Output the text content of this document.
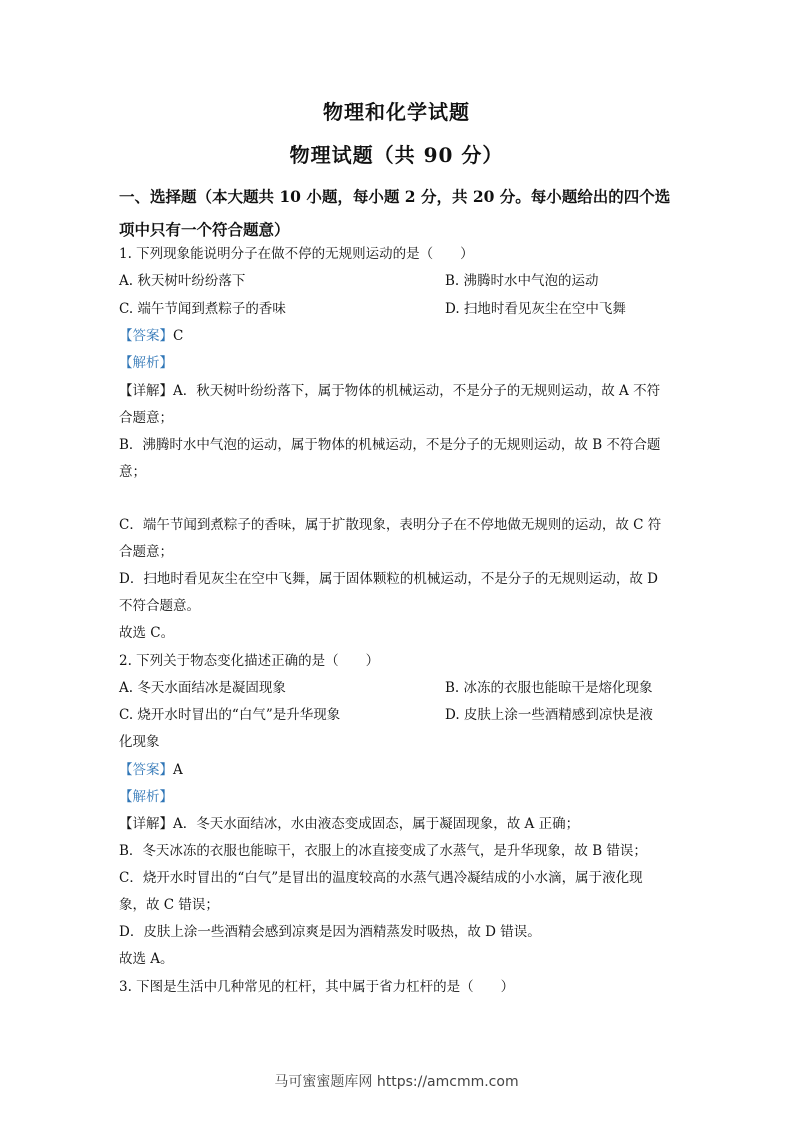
物理和化学试题
物理试题（共 90 分）
一、选择题（本大题共 10 小题，每小题 2 分，共 20 分。每小题给出的四个选项中只有一个符合题意）
1. 下列现象能说明分子在做不停的无规则运动的是（　　）
A. 秋天树叶纷纷落下	B. 沸腾时水中气泡的运动
C. 端午节闻到煮粽子的香味	D. 扫地时看见灰尘在空中飞舞
【答案】C
【解析】
【详解】A．秋天树叶纷纷落下，属于物体的机械运动，不是分子的无规则运动，故 A 不符
合题意；
B．沸腾时水中气泡的运动，属于物体的机械运动，不是分子的无规则运动，故 B 不符合题
意；
C．端午节闻到煮粽子的香味，属于扩散现象，表明分子在不停地做无规则的运动，故 C 符
合题意；
D．扫地时看见灰尘在空中飞舞，属于固体颗粒的机械运动，不是分子的无规则运动，故 D
不符合题意。
故选 C。
2. 下列关于物态变化描述正确的是（　　）
A. 冬天水面结冰是凝固现象	B. 冰冻的衣服也能晾干是熔化现象
C. 烧开水时冒出的“白气”是升华现象	D. 皮肤上涂一些酒精感到凉快是液
化现象
【答案】A
【解析】
【详解】A．冬天水面结冰，水由液态变成固态，属于凝固现象，故 A 正确；
B．冬天冰冻的衣服也能晾干，衣服上的冰直接变成了水蒸气，是升华现象，故 B 错误；
C．烧开水时冒出的“白气”是冒出的温度较高的水蒸气遇冷凝结成的小水滴，属于液化现
象，故 C 错误；
D．皮肤上涂一些酒精会感到凉爽是因为酒精蒸发时吸热，故 D 错误。
故选 A。
3. 下图是生活中几种常见的杠杆，其中属于省力杠杆的是（　　）
马可蜜蜜题库网 https://amcmm.com
